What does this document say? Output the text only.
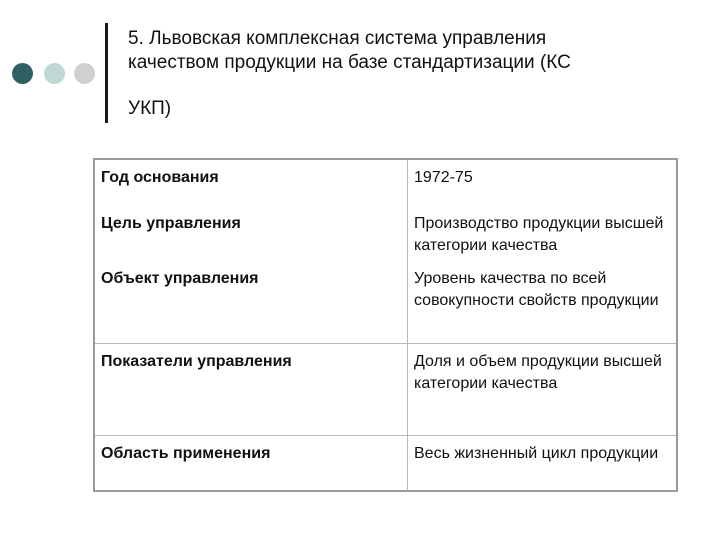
5. Львовская комплексная система управления
качеством продукции на базе стандартизации (КС
УКП)
Год основания	1972-75
Цель управления	Производство продукции высшей категории качества
Объект управления	Уровень качества по всей совокупности свойств продукции
Показатели управления	Доля и объем продукции высшей категории качества
Область применения	Весь жизненный цикл продукции
